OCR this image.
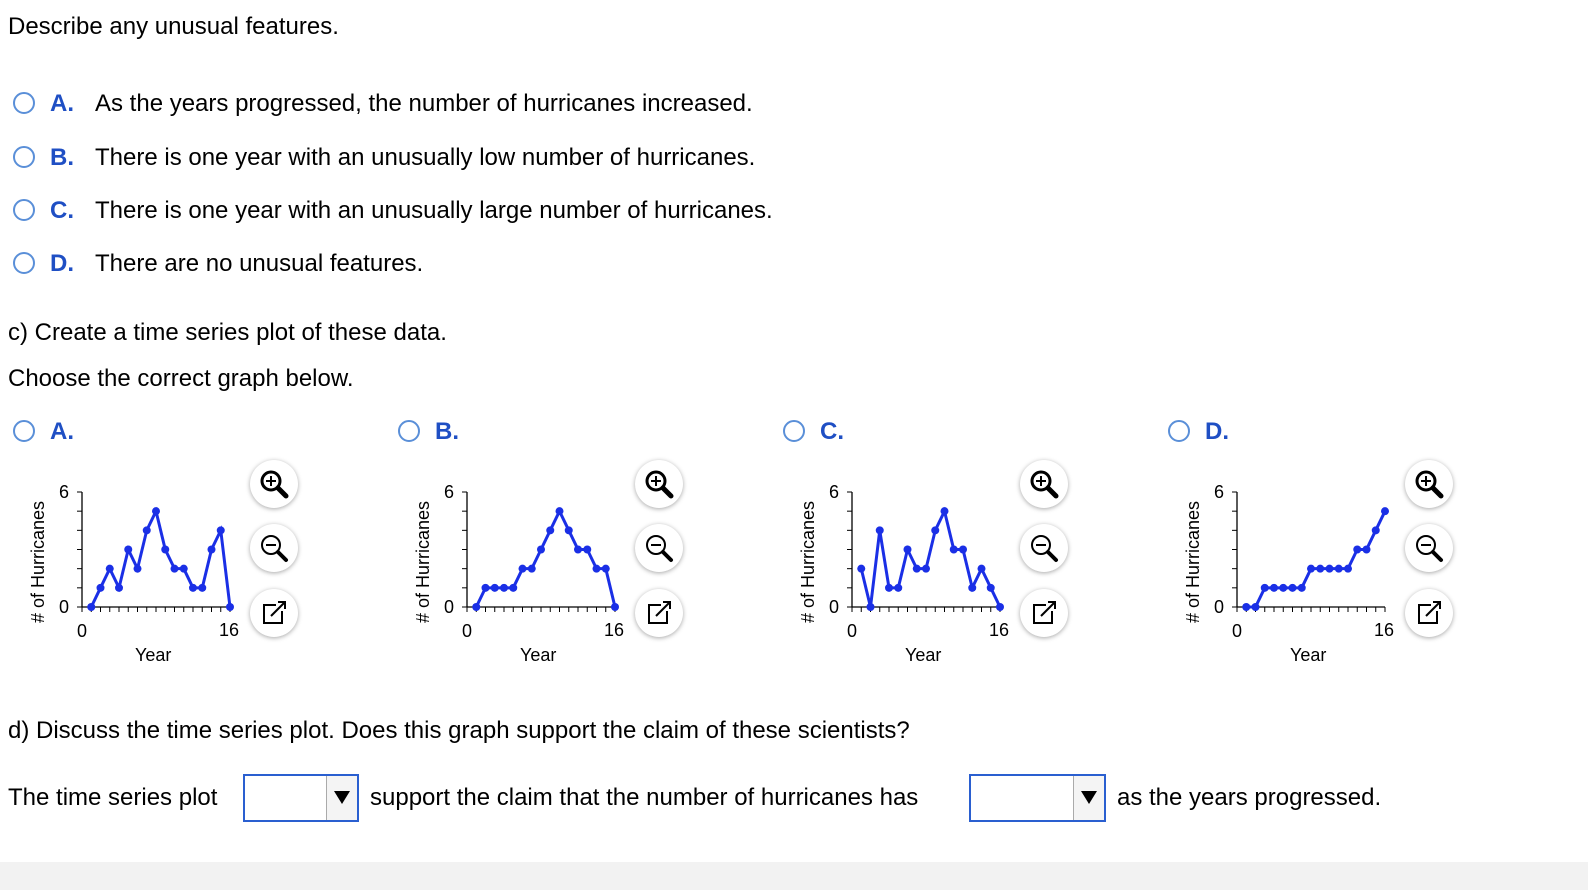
Describe any unusual features.
A. As the years progressed, the number of hurricanes increased.
B. There is one year with an unusually low number of hurricanes.
C. There is one year with an unusually large number of hurricanes.
D. There are no unusual features.
c) Create a time series plot of these data.
Choose the correct graph below.
A.	B.	C.	D.
# of Hurricanes
6
0
0	16
Year
# of Hurricanes
6
0
0	16
Year
# of Hurricanes
6
0
0	16
Year
# of Hurricanes
6
0
0	16
Year
d) Discuss the time series plot. Does this graph support the claim of these scientists?
The time series plot	support the claim that the number of hurricanes has	as the years progressed.
